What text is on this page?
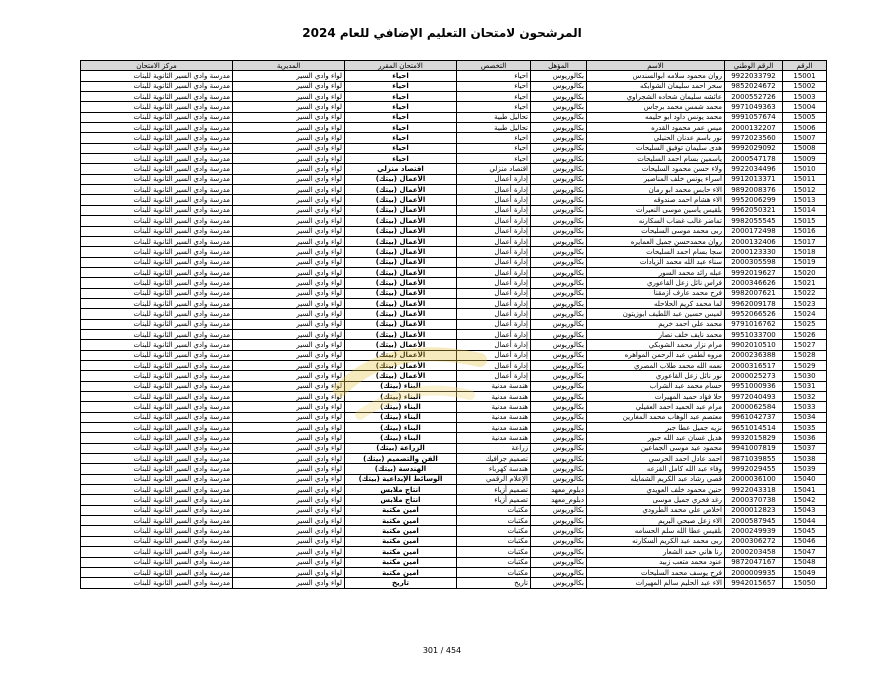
المرشحون لامتحان التعليم الإضافي للعام 2024
الرقم	الرقم الوطني	الاسم	المؤهل	التخصص	الامتحان المقرر	المديرية	مركز الامتحان
15001	9922033792	روان محمود سلامه ابوالسندس	بكالوريوس	احياء	احياء	لواء وادي السير	مدرسة وادي السير الثانوية للبنات
15002	9852024672	سحر احمد سليمان الشوابكه	بكالوريوس	احياء	احياء	لواء وادي السير	مدرسة وادي السير الثانوية للبنات
15003	2000552726	عائشه سليمان شحاده الشجراوي	بكالوريوس	احياء	احياء	لواء وادي السير	مدرسة وادي السير الثانوية للبنات
15004	9971049363	محمد شمس محمد برجاس	بكالوريوس	احياء	احياء	لواء وادي السير	مدرسة وادي السير الثانوية للبنات
15005	9991057674	محمد يونس داود ابو حليمه	بكالوريوس	تحاليل طبية	احياء	لواء وادي السير	مدرسة وادي السير الثانوية للبنات
15006	2000132207	ميس عمر محمود القدره	بكالوريوس	تحاليل طبية	احياء	لواء وادي السير	مدرسة وادي السير الثانوية للبنات
15007	9972023560	نور باسم عدنان الحنيلي	بكالوريوس	احياء	احياء	لواء وادي السير	مدرسة وادي السير الثانوية للبنات
15008	9992029092	هدى سليمان توفيق السليحات	بكالوريوس	احياء	احياء	لواء وادي السير	مدرسة وادي السير الثانوية للبنات
15009	2000547178	ياسمين بسام احمد السليحات	بكالوريوس	احياء	احياء	لواء وادي السير	مدرسة وادي السير الثانوية للبنات
15010	9922034496	ولاء حسن محمود السليحات	بكالوريوس	اقتصاد منزلي	اقتصاد منزلي	لواء وادي السير	مدرسة وادي السير الثانوية للبنات
15011	9912013371	اسراء يونس خلف المناصير	بكالوريوس	إدارة أعمال	الأعمال (بيتك)	لواء وادي السير	مدرسة وادي السير الثانوية للبنات
15012	9892008376	الاء حابس محمد ابو رمان	بكالوريوس	إدارة أعمال	الأعمال (بيتك)	لواء وادي السير	مدرسة وادي السير الثانوية للبنات
15013	9952006299	الاء هشام احمد صندوقه	بكالوريوس	إدارة أعمال	الأعمال (بيتك)	لواء وادي السير	مدرسة وادي السير الثانوية للبنات
15014	9962050321	بلقيس ياسين موسى النعيرات	بكالوريوس	إدارة أعمال	الأعمال (بيتك)	لواء وادي السير	مدرسة وادي السير الثانوية للبنات
15015	9982055545	تماضر غالب غضاب السكارنه	بكالوريوس	إدارة أعمال	الأعمال (بيتك)	لواء وادي السير	مدرسة وادي السير الثانوية للبنات
15016	2000172498	ربى محمد موسى السليحات	بكالوريوس	إدارة أعمال	الأعمال (بيتك)	لواء وادي السير	مدرسة وادي السير الثانوية للبنات
15017	2000132406	روان محمدحسن جميل العمايره	بكالوريوس	إدارة أعمال	الأعمال (بيتك)	لواء وادي السير	مدرسة وادي السير الثانوية للبنات
15018	2000123330	سجا بسام احمد السليحات	بكالوريوس	إدارة أعمال	الأعمال (بيتك)	لواء وادي السير	مدرسة وادي السير الثانوية للبنات
15019	2000305598	سناء عبد الله محمد الزيادات	بكالوريوس	إدارة أعمال	الأعمال (بيتك)	لواء وادي السير	مدرسة وادي السير الثانوية للبنات
15020	9992019627	عبله رائد محمد السور	بكالوريوس	إدارة أعمال	الأعمال (بيتك)	لواء وادي السير	مدرسة وادي السير الثانوية للبنات
15021	2000346626	فراس نائل زعل القاعوري	بكالوريوس	إدارة أعمال	الأعمال (بيتك)	لواء وادي السير	مدرسة وادي السير الثانوية للبنات
15022	9982007621	فرح محمد عارف ازمقنا	بكالوريوس	إدارة أعمال	الأعمال (بيتك)	لواء وادي السير	مدرسة وادي السير الثانوية للبنات
15023	9962009178	لما محمد كريم الحلاحله	بكالوريوس	إدارة أعمال	الأعمال (بيتك)	لواء وادي السير	مدرسة وادي السير الثانوية للبنات
15024	9952066526	لميس حسين عبد اللطيف ابوزيتون	بكالوريوس	إدارة أعمال	الأعمال (بيتك)	لواء وادي السير	مدرسة وادي السير الثانوية للبنات
15025	9791016762	محمد علي احمد خريم	بكالوريوس	إدارة أعمال	الأعمال (بيتك)	لواء وادي السير	مدرسة وادي السير الثانوية للبنات
15026	9951033700	محمد نايف خلف نصار	بكالوريوس	إدارة أعمال	الأعمال (بيتك)	لواء وادي السير	مدرسة وادي السير الثانوية للبنات
15027	9902010510	مرام نزار محمد الشوبكي	بكالوريوس	إدارة أعمال	الأعمال (بيتك)	لواء وادي السير	مدرسة وادي السير الثانوية للبنات
15028	2000236388	مروه لطفي عبد الرحمن المواهره	بكالوريوس	إدارة أعمال	الأعمال (بيتك)	لواء وادي السير	مدرسة وادي السير الثانوية للبنات
15029	2000316517	نعمه الله محمد طلاب المصري	بكالوريوس	إدارة أعمال	الأعمال (بيتك)	لواء وادي السير	مدرسة وادي السير الثانوية للبنات
15030	2000025273	نور نائل زعل القاعوري	بكالوريوس	إدارة أعمال	الأعمال (بيتك)	لواء وادي السير	مدرسة وادي السير الثانوية للبنات
15031	9951000936	حسام محمد عبد الشراب	بكالوريوس	هندسة مدنية	البناء (بيتك)	لواء وادي السير	مدرسة وادي السير الثانوية للبنات
15032	9972040493	حلا فؤاد حميد المهيرات	بكالوريوس	هندسة مدنية	البناء (بيتك)	لواء وادي السير	مدرسة وادي السير الثانوية للبنات
15033	2000062584	مرام عبد الحميد احمد العقيلي	بكالوريوس	هندسة مدنية	البناء (بيتك)	لواء وادي السير	مدرسة وادي السير الثانوية للبنات
15034	9961042737	معتصم عبد الوهاب محمد المغارين	بكالوريوس	هندسة مدنية	البناء (بيتك)	لواء وادي السير	مدرسة وادي السير الثانوية للبنات
15035	9651014514	نزيه جميل عطا جبر	بكالوريوس	هندسة مدنية	البناء (بيتك)	لواء وادي السير	مدرسة وادي السير الثانوية للبنات
15036	9932015829	هديل غسان عبد الله جبور	بكالوريوس	هندسة مدنية	البناء (بيتك)	لواء وادي السير	مدرسة وادي السير الثانوية للبنات
15037	9941007819	محمود عيد موسى الجماعين	بكالوريوس	زراعة	الزراعة (بيتك)	لواء وادي السير	مدرسة وادي السير الثانوية للبنات
15038	9871039855	احمد عادل احمد الحرسي	بكالوريوس	تصميم جرافيك	الفن والتصميم (بيتك)	لواء وادي السير	مدرسة وادي السير الثانوية للبنات
15039	9992029455	وفاء عبد الله كامل القزعه	بكالوريوس	هندسة كهرباء	الهندسة (بيتك)	لواء وادي السير	مدرسة وادي السير الثانوية للبنات
15040	2000036100	قصي رشاد عبد الكريم الشمايله	بكالوريوس	الإعلام الرقمي	الوسائط الإبداعية (بيتك)	لواء وادي السير	مدرسة وادي السير الثانوية للبنات
15041	9922043318	حنين محمود خلف العويدي	دبلوم_معهد	تصميم أزياء	انتاج ملابس	لواء وادي السير	مدرسة وادي السير الثانوية للبنات
15042	2000370738	رغد فخري جميل موسى	دبلوم_معهد	تصميم أزياء	انتاج ملابس	لواء وادي السير	مدرسة وادي السير الثانوية للبنات
15043	2000012823	اخلاص علي محمد الطرودي	بكالوريوس	مكتبات	امين مكتبة	لواء وادي السير	مدرسة وادي السير الثانوية للبنات
15044	2000587945	الاء زعل صبحي البريم	بكالوريوس	مكتبات	امين مكتبة	لواء وادي السير	مدرسة وادي السير الثانوية للبنات
15045	2000249939	بلقيس عطا الله سلم الحسامه	بكالوريوس	مكتبات	امين مكتبة	لواء وادي السير	مدرسة وادي السير الثانوية للبنات
15046	2000306272	ربى محمد عبد الكريم السكارنه	بكالوريوس	مكتبات	امين مكتبة	لواء وادي السير	مدرسة وادي السير الثانوية للبنات
15047	2000203458	رنا هاني حمد الشعار	بكالوريوس	مكتبات	امين مكتبة	لواء وادي السير	مدرسة وادي السير الثانوية للبنات
15048	9872047167	عنود محمد متعب زبيد	بكالوريوس	مكتبات	امين مكتبة	لواء وادي السير	مدرسة وادي السير الثانوية للبنات
15049	2000009935	فرح يوسف محمد السليحات	بكالوريوس	مكتبات	امين مكتبة	لواء وادي السير	مدرسة وادي السير الثانوية للبنات
15050	9942015657	الاء عبد الحليم سالم المهيرات	بكالوريوس	تاريخ	تاريخ	لواء وادي السير	مدرسة وادي السير الثانوية للبنات
301 / 454
